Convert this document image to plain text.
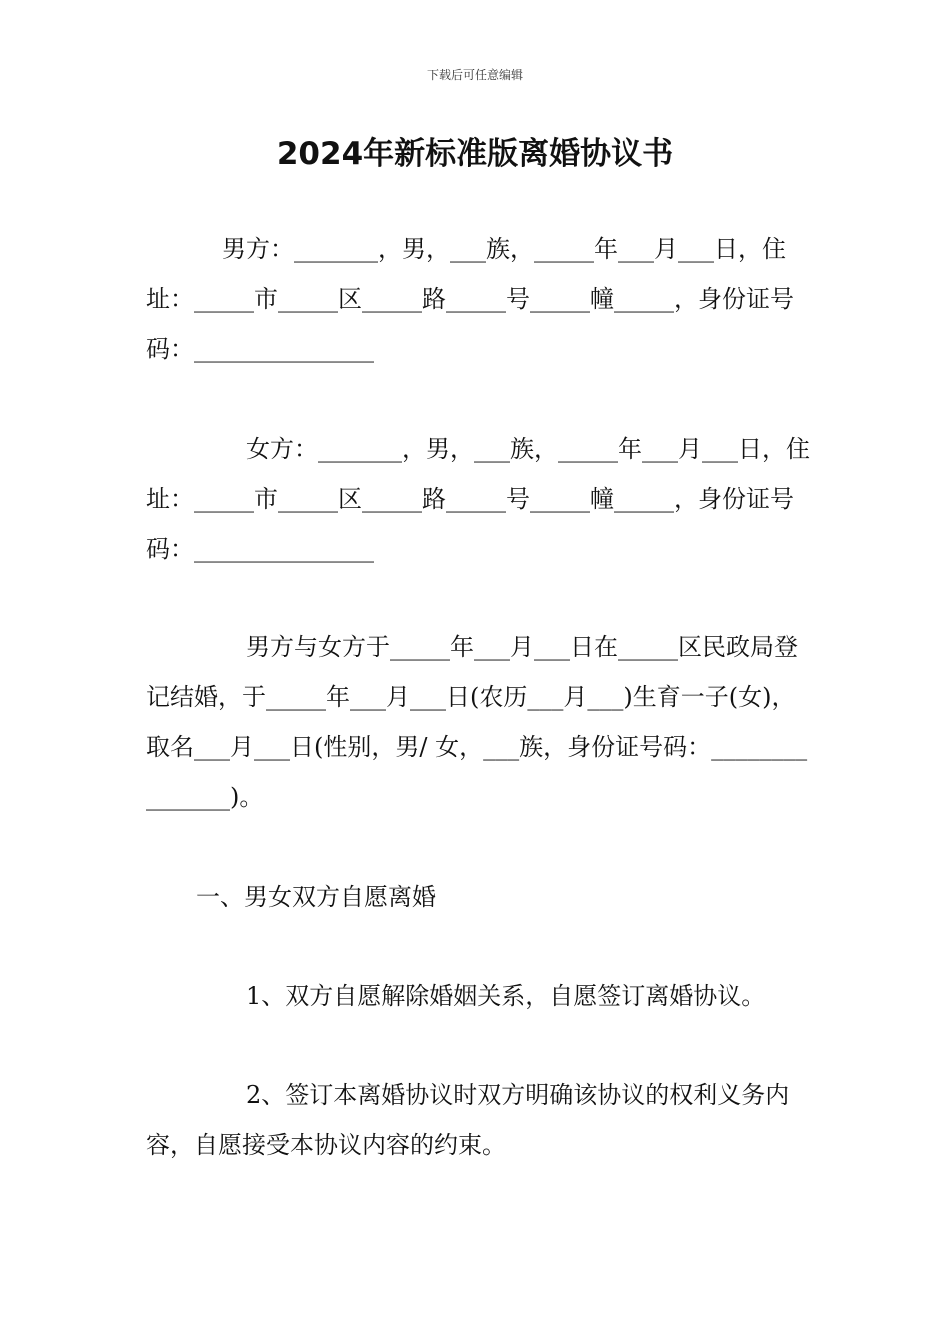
下载后可任意编辑
2024年新标准版离婚协议书

男方：_______，男，___族，_____年___月___日，住址：_____市_____区_____路_____号_____幢_____，身份证号码：_______________

女方：_______，男，___族，_____年___月___日，住址：_____市_____区_____路_____号_____幢_____，身份证号码：_______________

男方与女方于_____年___月___日在_____区民政局登记结婚，于_____年___月___日(农历___月___)生育一子(女)，取名___月___日(性别，男/ 女，___族，身份证号码：_______________)。

一、男女双方自愿离婚

1、双方自愿解除婚姻关系，自愿签订离婚协议。

2、签订本离婚协议时双方明确该协议的权利义务内容，自愿接受本协议内容的约束。
